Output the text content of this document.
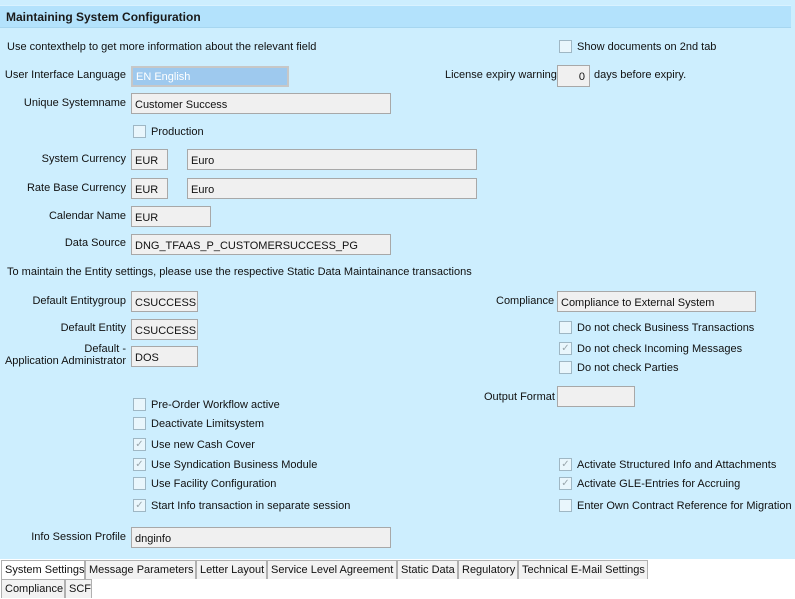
Maintaining System Configuration
Use contexthelp to get more information about the relevant field	Show documents on 2nd tab
User Interface Language EN English	License expiry warning	0 days before expiry.
Unique Systemname Customer Success
Production
System Currency EUR	Euro
Rate Base Currency EUR	Euro
Calendar Name EUR
Data Source DNG_TFAAS_P_CUSTOMERSUCCESS_PG
To maintain the Entity settings, please use the respective Static Data Maintainance transactions
Default Entitygroup CSUCCESS
Default Entity CSUCCESS
Default -
Application Administrator DOS
Compliance Compliance to External System
Do not check Business Transactions
✓ Do not check Incoming Messages
Do not check Parties
Output Format
Pre-Order Workflow active
Deactivate Limitsystem
✓ Use new Cash Cover
✓ Use Syndication Business Module
Use Facility Configuration
✓ Start Info transaction in separate session
✓ Activate Structured Info and Attachments
✓ Activate GLE-Entries for Accruing
Enter Own Contract Reference for Migration
Info Session Profile dnginfo
System Settings Message Parameters Letter Layout Service Level Agreement Static Data Regulatory Technical E-Mail Settings
Compliance SCF
